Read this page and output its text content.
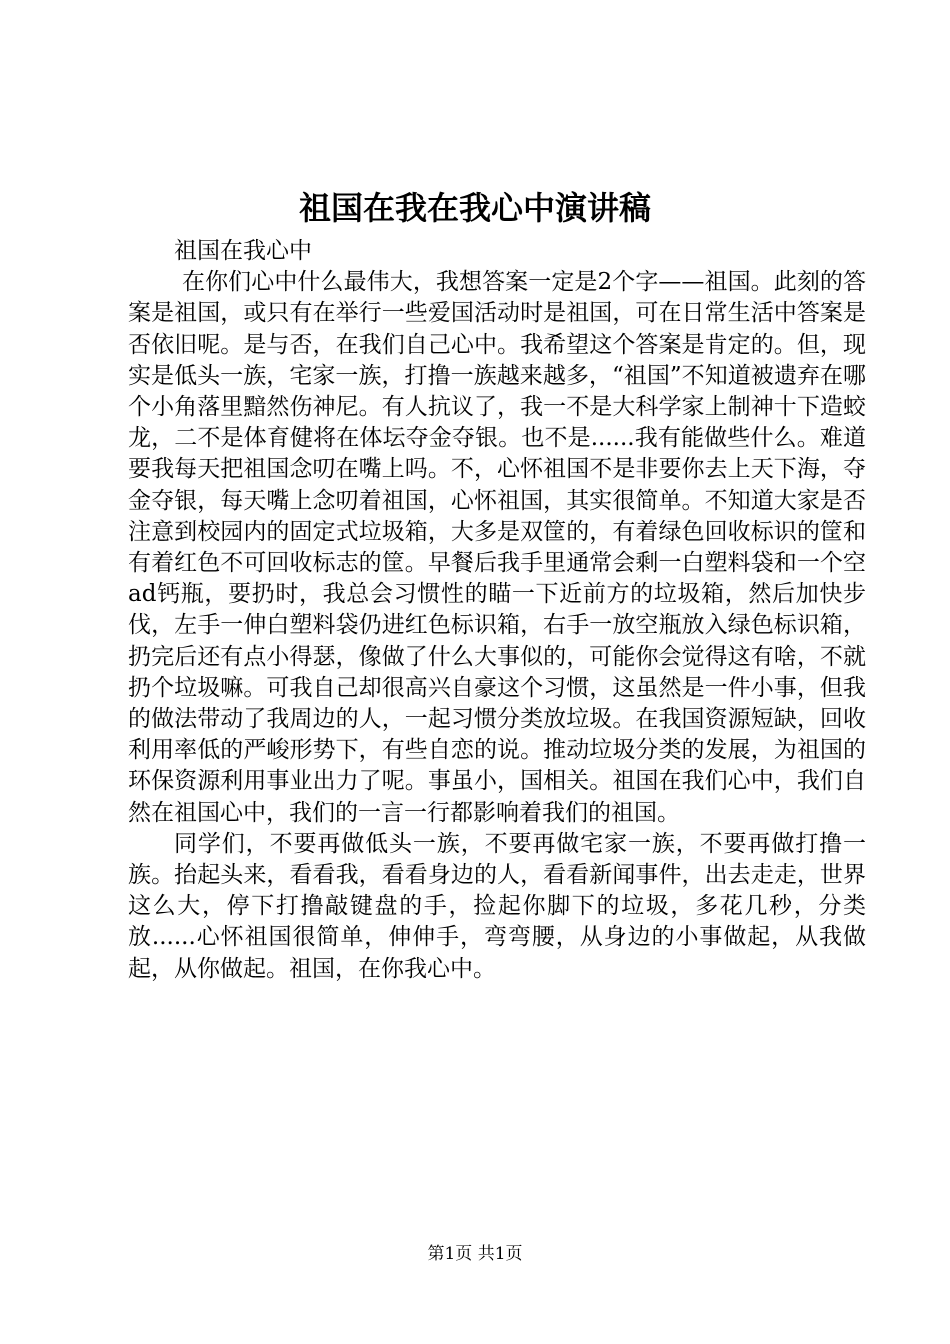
祖国在我在我心中演讲稿

祖国在我心中

在你们心中什么最伟大，我想答案一定是2个字——祖国。此刻的答案是祖国，或只有在举行一些爱国活动时是祖国，可在日常生活中答案是否依旧呢。是与否，在我们自己心中。我希望这个答案是肯定的。但，现实是低头一族，宅家一族，打撸一族越来越多，“祖国”不知道被遗弃在哪个小角落里黯然伤神尼。有人抗议了，我一不是大科学家上制神十下造蛟龙，二不是体育健将在体坛夺金夺银。也不是......我有能做些什么。难道要我每天把祖国念叨在嘴上吗。不，心怀祖国不是非要你去上天下海，夺金夺银，每天嘴上念叨着祖国，心怀祖国，其实很简单。不知道大家是否注意到校园内的固定式垃圾箱，大多是双筐的，有着绿色回收标识的筐和有着红色不可回收标志的筐。早餐后我手里通常会剩一白塑料袋和一个空ad钙瓶，要扔时，我总会习惯性的瞄一下近前方的垃圾箱，然后加快步伐，左手一伸白塑料袋仍进红色标识箱，右手一放空瓶放入绿色标识箱，扔完后还有点小得瑟，像做了什么大事似的，可能你会觉得这有啥，不就扔个垃圾嘛。可我自己却很高兴自豪这个习惯，这虽然是一件小事，但我的做法带动了我周边的人，一起习惯分类放垃圾。在我国资源短缺，回收利用率低的严峻形势下，有些自恋的说。推动垃圾分类的发展，为祖国的环保资源利用事业出力了呢。事虽小，国相关。祖国在我们心中，我们自然在祖国心中，我们的一言一行都影响着我们的祖国。

同学们，不要再做低头一族，不要再做宅家一族，不要再做打撸一族。抬起头来，看看我，看看身边的人，看看新闻事件，出去走走，世界这么大，停下打撸敲键盘的手，捡起你脚下的垃圾，多花几秒，分类放......心怀祖国很简单，伸伸手，弯弯腰，从身边的小事做起，从我做起，从你做起。祖国，在你我心中。

第1页 共1页
